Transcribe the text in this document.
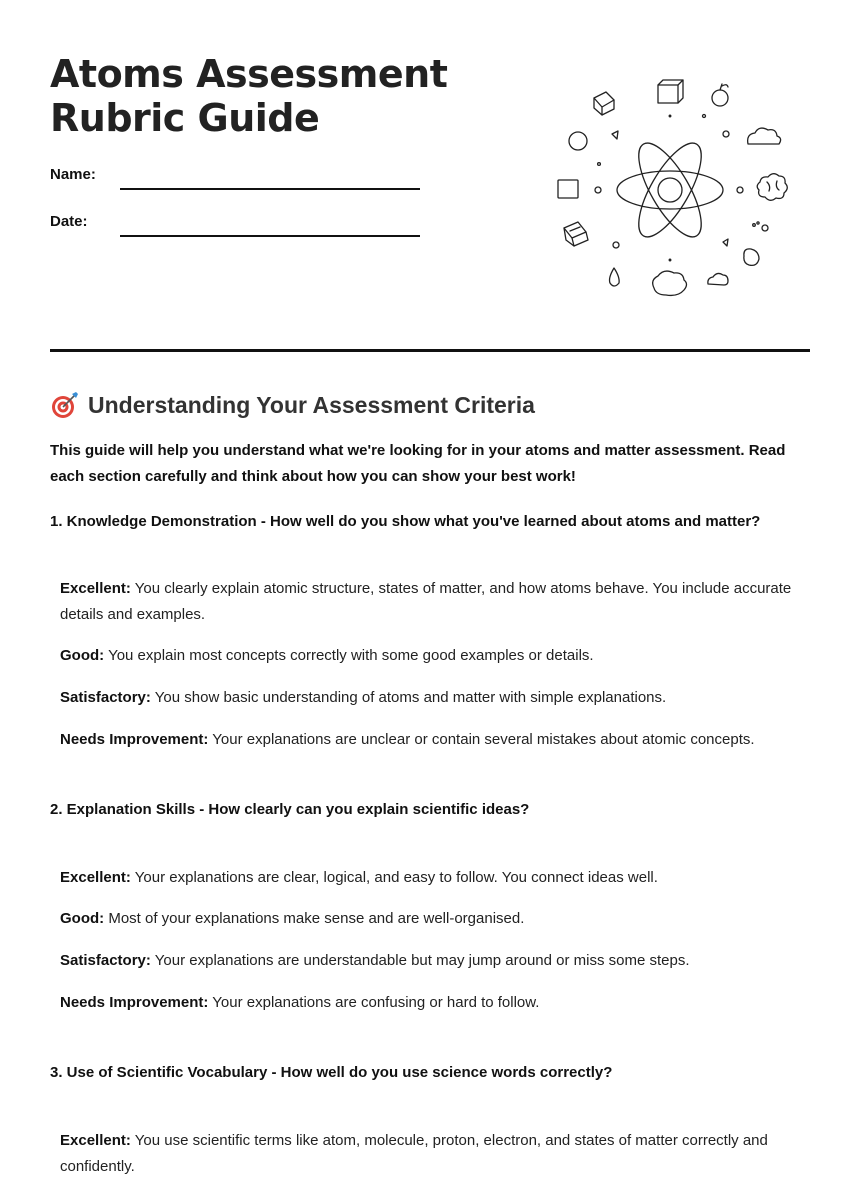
Atoms Assessment
Rubric Guide
Name:
Date:
Understanding Your Assessment Criteria

This guide will help you understand what we're looking for in your atoms and matter assessment. Read each section carefully and think about how you can show your best work!

1. Knowledge Demonstration - How well do you show what you've learned about atoms and matter?

Excellent: You clearly explain atomic structure, states of matter, and how atoms behave. You include accurate details and examples.

Good: You explain most concepts correctly with some good examples or details.

Satisfactory: You show basic understanding of atoms and matter with simple explanations.

Needs Improvement: Your explanations are unclear or contain several mistakes about atomic concepts.

2. Explanation Skills - How clearly can you explain scientific ideas?

Excellent: Your explanations are clear, logical, and easy to follow. You connect ideas well.

Good: Most of your explanations make sense and are well-organised.

Satisfactory: Your explanations are understandable but may jump around or miss some steps.

Needs Improvement: Your explanations are confusing or hard to follow.

3. Use of Scientific Vocabulary - How well do you use science words correctly?

Excellent: You use scientific terms like atom, molecule, proton, electron, and states of matter correctly and confidently.
